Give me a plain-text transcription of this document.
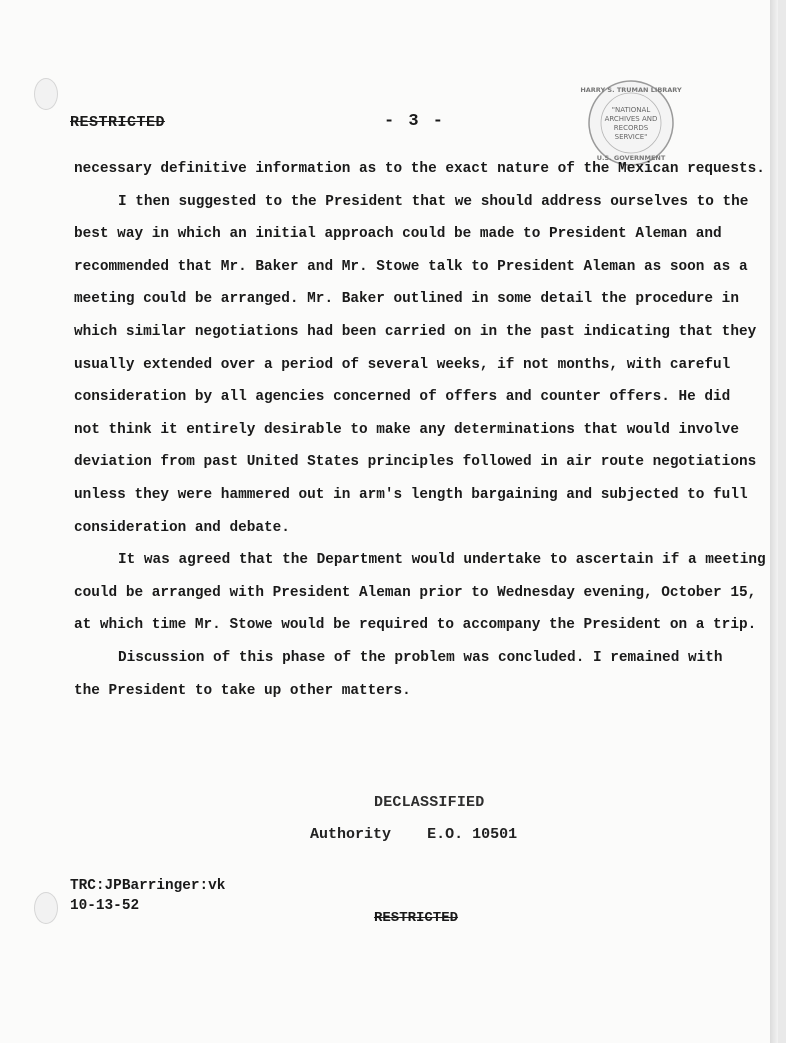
RESTRICTED	- 3 -
HARRY S. TRUMAN LIBRARY
"NATIONAL
ARCHIVES AND
RECORDS
SERVICE"
U.S. GOVERNMENT

necessary definitive information as to the exact nature of the Mexican requests.

I then suggested to the President that we should address ourselves to the
best way in which an initial approach could be made to President Aleman and
recommended that Mr. Baker and Mr. Stowe talk to President Aleman as soon as a
meeting could be arranged. Mr. Baker outlined in some detail the procedure in
which similar negotiations had been carried on in the past indicating that they
usually extended over a period of several weeks, if not months, with careful
consideration by all agencies concerned of offers and counter offers. He did
not think it entirely desirable to make any determinations that would involve
deviation from past United States principles followed in air route negotiations
unless they were hammered out in arm's length bargaining and subjected to full
consideration and debate.

It was agreed that the Department would undertake to ascertain if a meeting
could be arranged with President Aleman prior to Wednesday evening, October 15,
at which time Mr. Stowe would be required to accompany the President on a trip.

Discussion of this phase of the problem was concluded. I remained with
the President to take up other matters.

DECLASSIFIED
Authority E.O. 10501
TRC:JPBarringer:vk
10-13-52
RESTRICTED
